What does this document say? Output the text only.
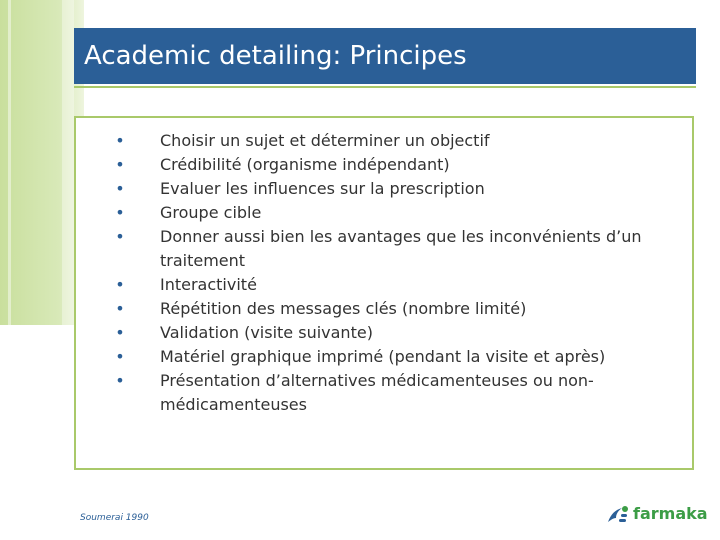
Academic detailing: Principes
• Choisir un sujet et déterminer un objectif
• Crédibilité (organisme indépendant)
• Evaluer les influences sur la prescription
• Groupe cible
• Donner aussi bien les avantages que les inconvénients d’un traitement
• Interactivité
• Répétition des messages clés (nombre limité)
• Validation (visite suivante)
• Matériel graphique imprimé (pendant la visite et après)
• Présentation d’alternatives médicamenteuses ou non-médicamenteuses
Soumerai 1990	farmaka
